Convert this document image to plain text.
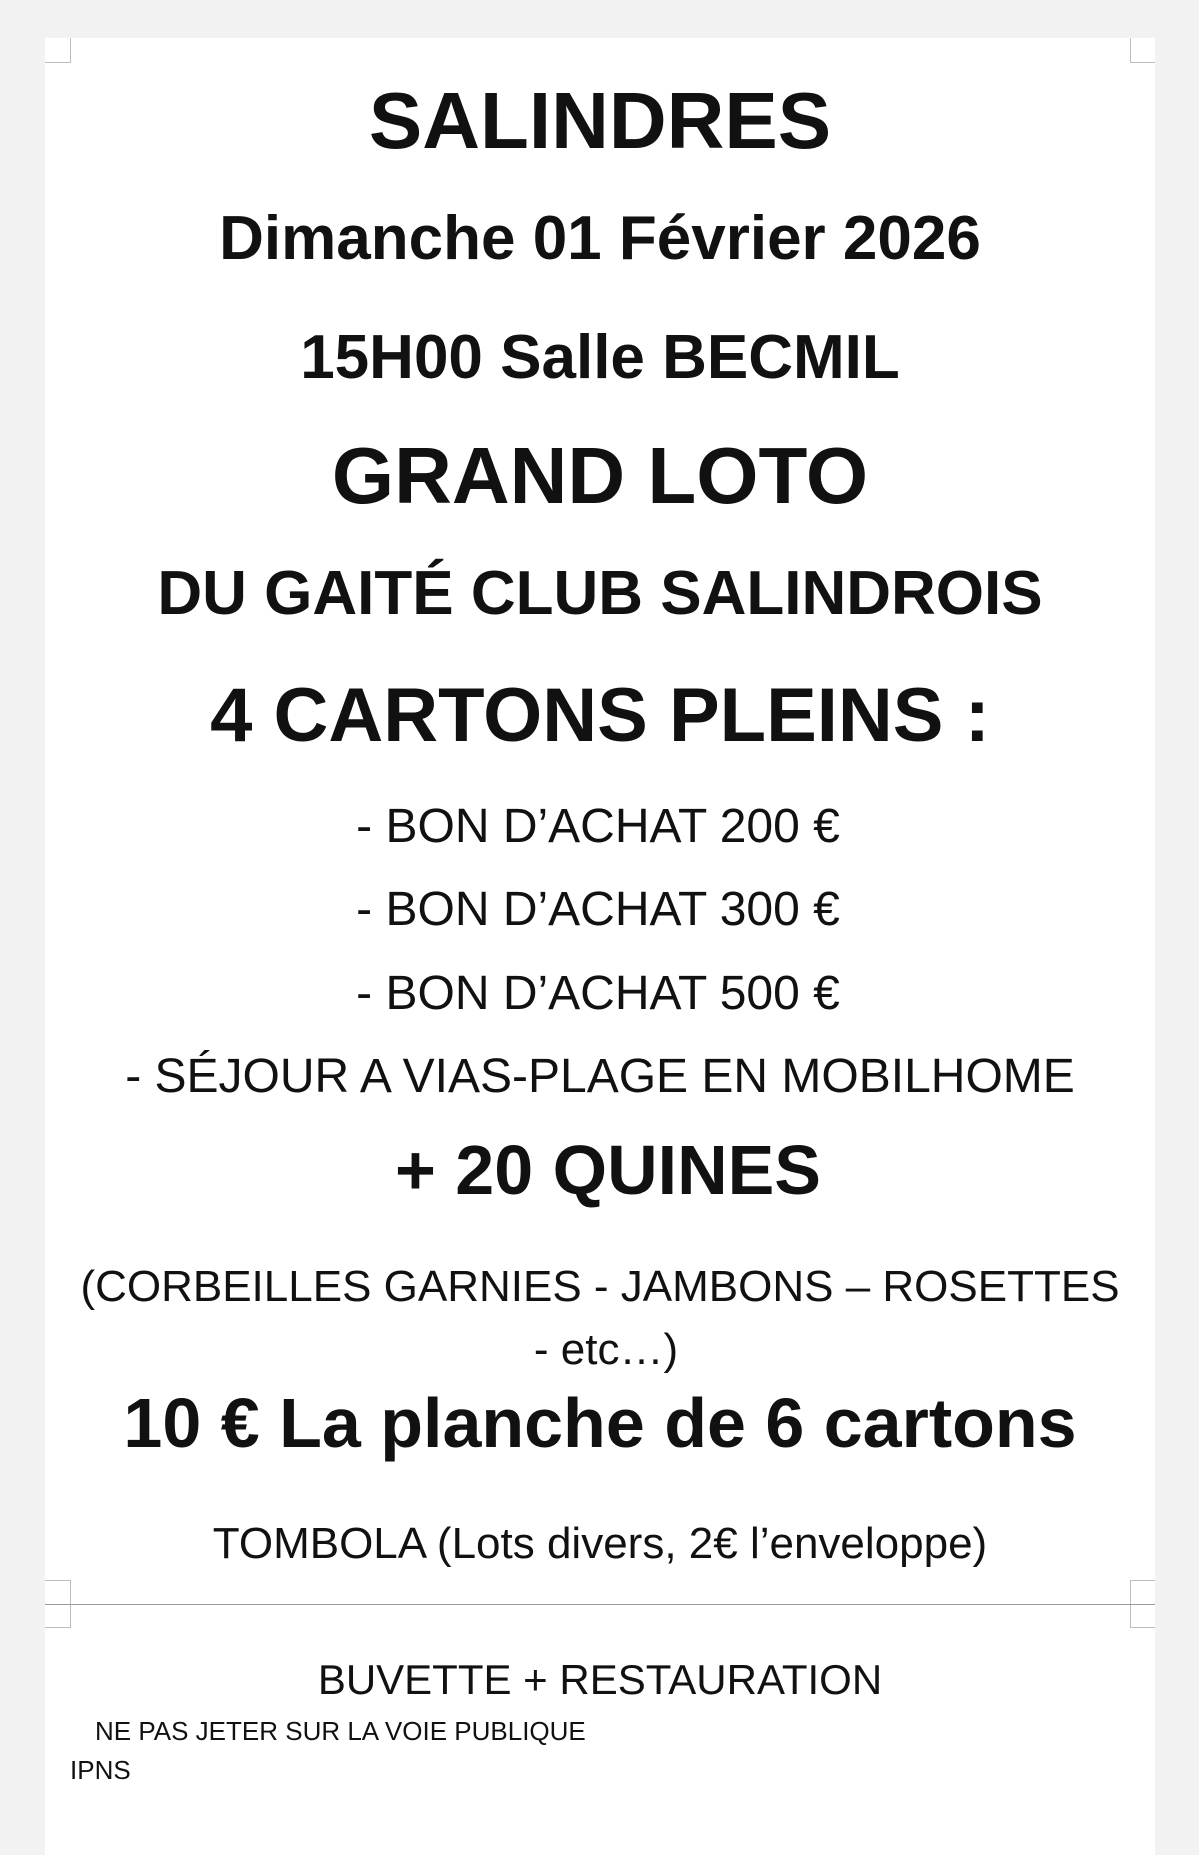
SALINDRES
Dimanche 01 Février 2026
15H00 Salle BECMIL
GRAND LOTO
DU GAITÉ CLUB SALINDROIS
4 CARTONS PLEINS :
- BON D’ACHAT 200 €
- BON D’ACHAT 300 €
- BON D’ACHAT 500 €
- SÉJOUR A VIAS-PLAGE EN MOBILHOME
+ 20 QUINES
(CORBEILLES GARNIES - JAMBONS – ROSETTES
- etc…)
10 € La planche de 6 cartons
TOMBOLA (Lots divers, 2€ l’enveloppe)
BUVETTE + RESTAURATION
NE PAS JETER SUR LA VOIE PUBLIQUE
IPNS
